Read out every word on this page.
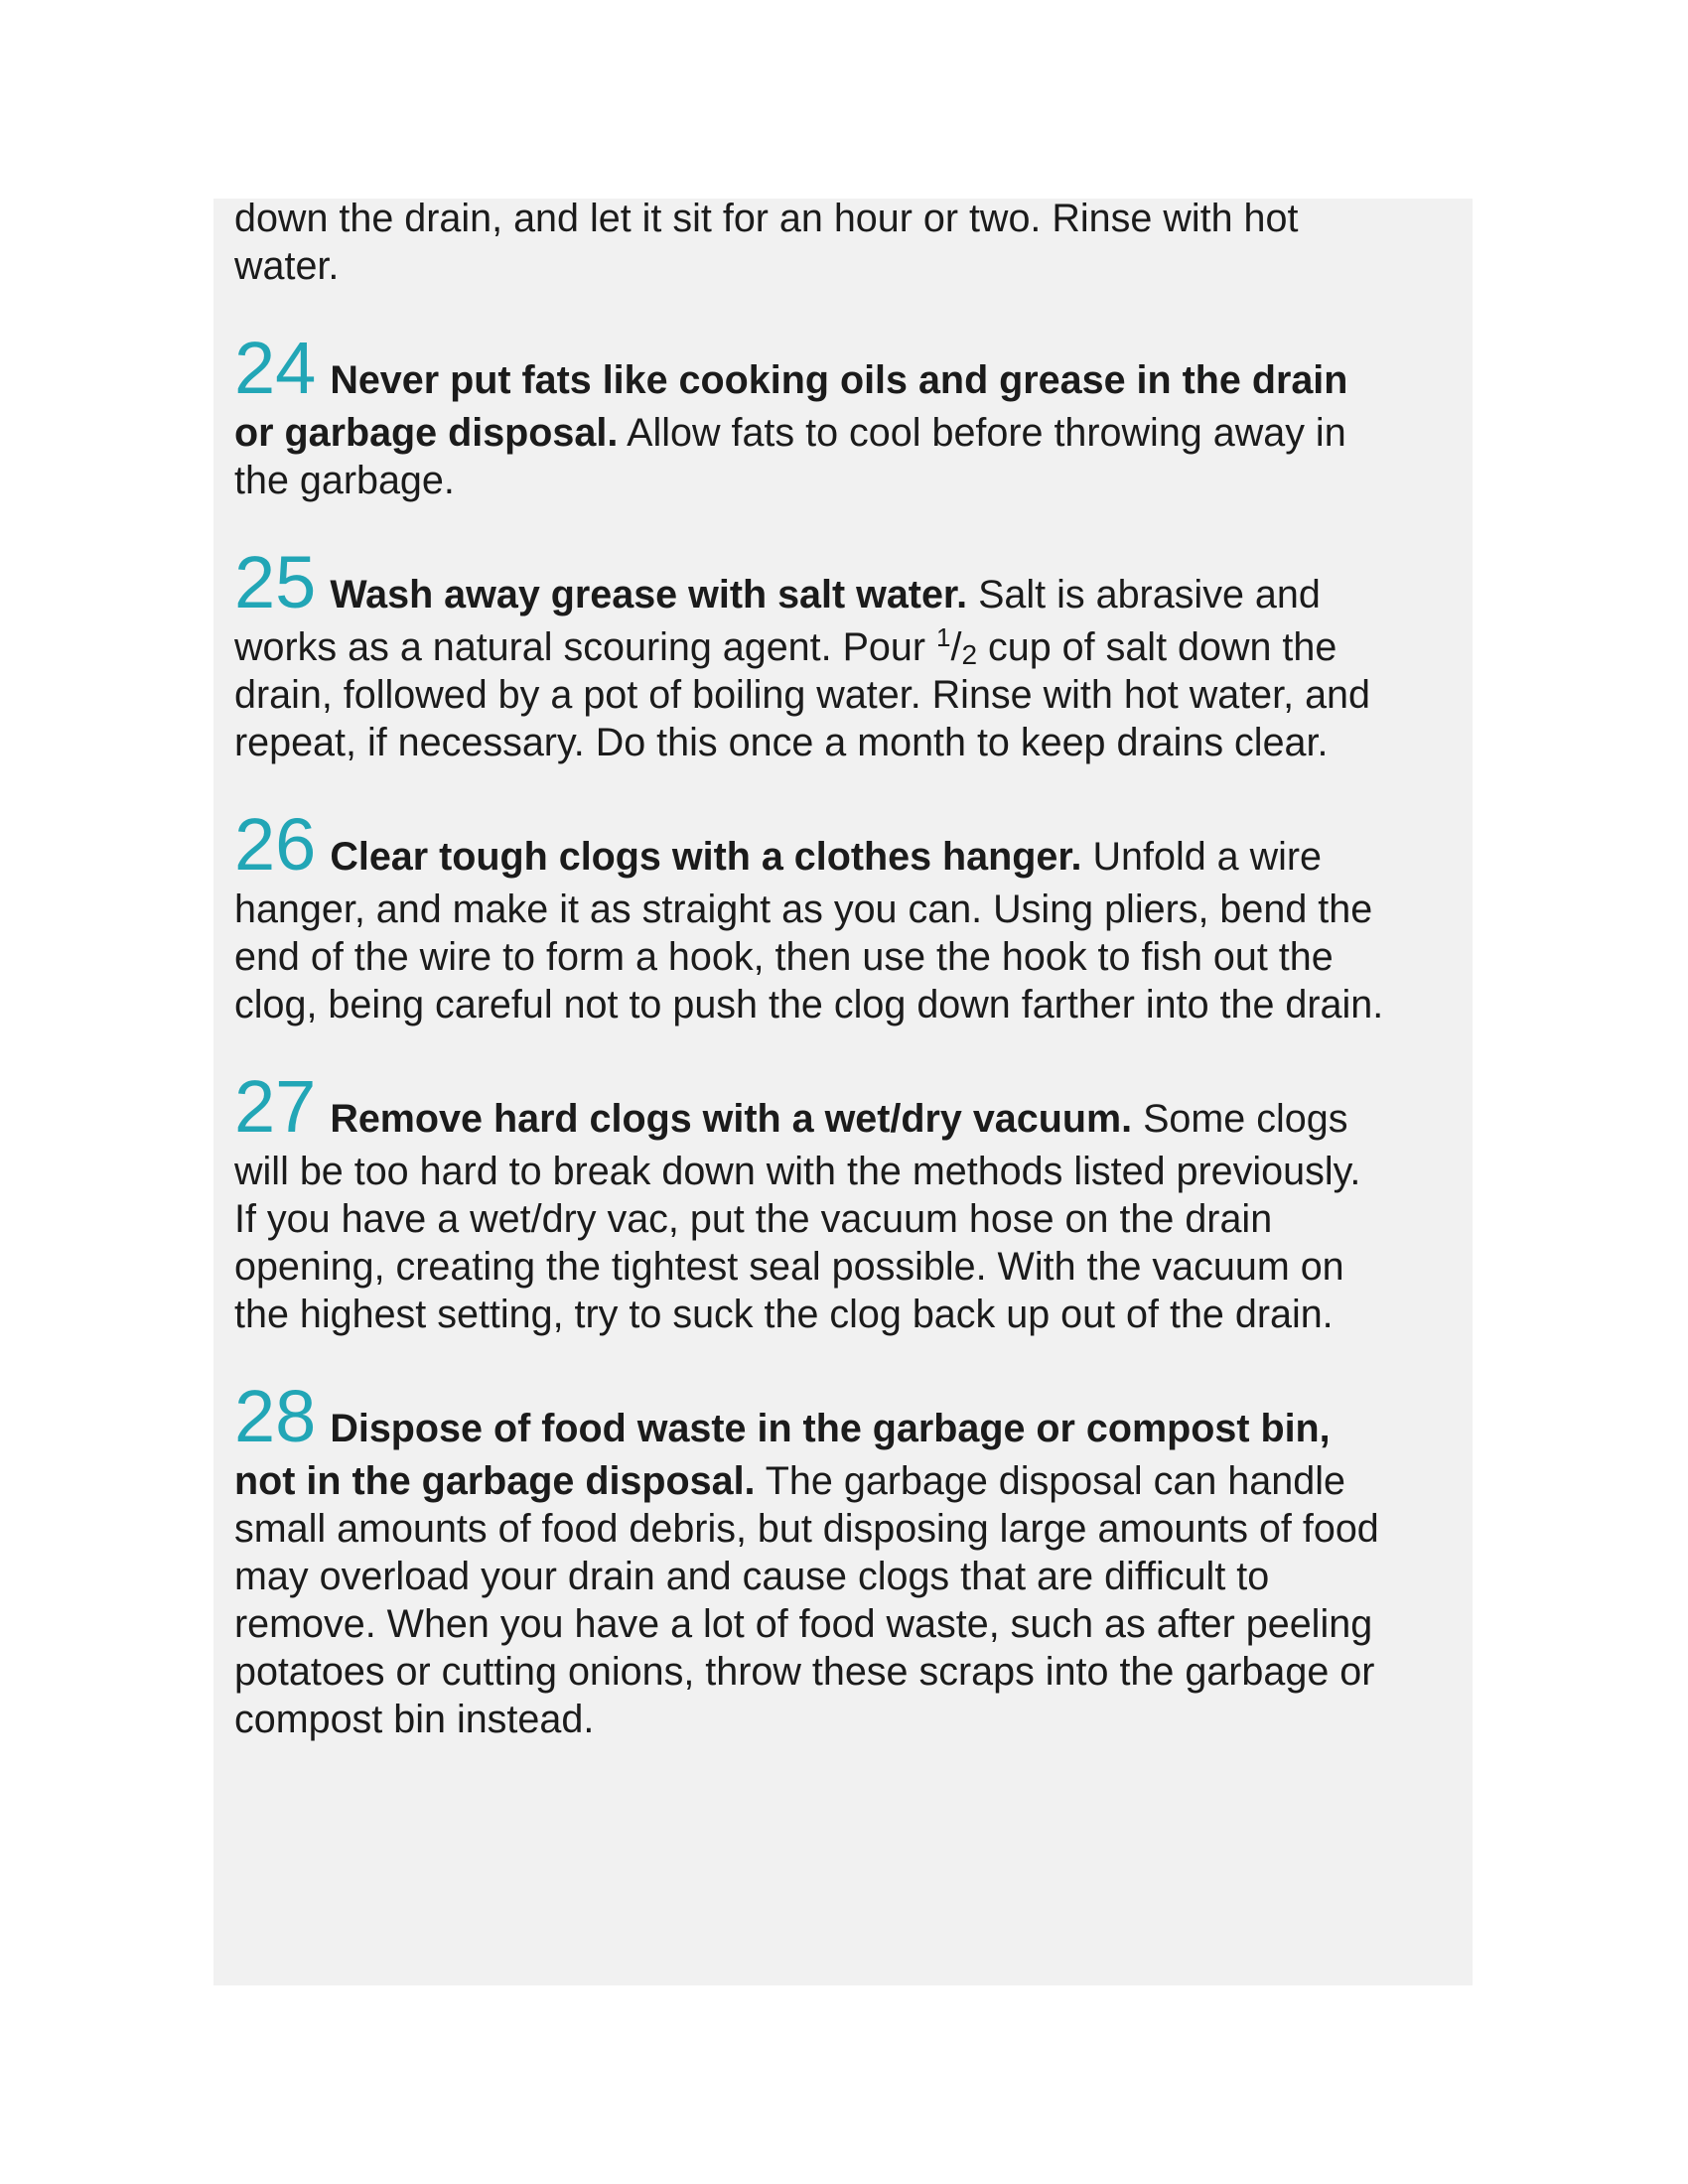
down the drain, and let it sit for an hour or two. Rinse with hot

water.

24 Never put fats like cooking oils and grease in the drain

or garbage disposal. Allow fats to cool before throwing away in

the garbage.

25 Wash away grease with salt water. Salt is abrasive and

works as a natural scouring agent. Pour $^1$/2 cup of salt down the

drain, followed by a pot of boiling water. Rinse with hot water, and

repeat, if necessary. Do this once a month to keep drains clear.

26 Clear tough clogs with a clothes hanger. Unfold a wire

hanger, and make it as straight as you can. Using pliers, bend the

end of the wire to form a hook, then use the hook to fish out the

clog, being careful not to push the clog down farther into the drain.

27 Remove hard clogs with a wet/dry vacuum. Some clogs

will be too hard to break down with the methods listed previously.

If you have a wet/dry vac, put the vacuum hose on the drain

opening, creating the tightest seal possible. With the vacuum on

the highest setting, try to suck the clog back up out of the drain.

28 Dispose of food waste in the garbage or compost bin,

not in the garbage disposal. The garbage disposal can handle

small amounts of food debris, but disposing large amounts of food

may overload your drain and cause clogs that are difficult to

remove. When you have a lot of food waste, such as after peeling

potatoes or cutting onions, throw these scraps into the garbage or

compost bin instead.
